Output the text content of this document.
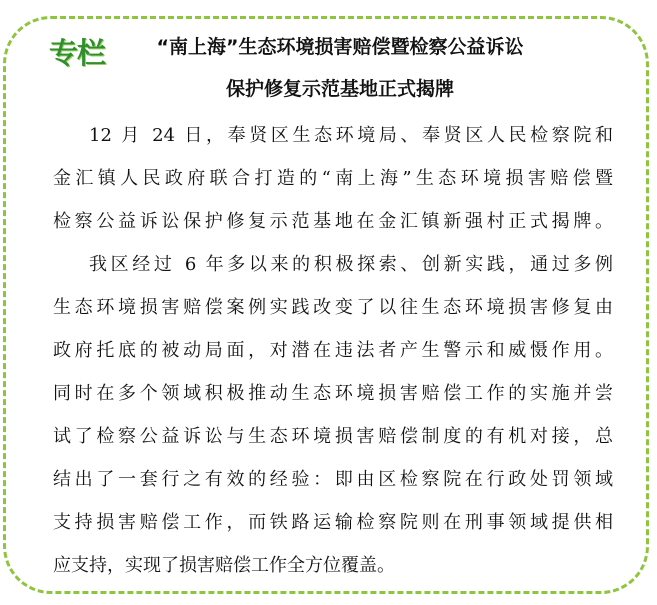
专栏	“南上海”生态环境损害赔偿暨检察公益诉讼
保护修复示范基地正式揭牌
12 月 24 日，奉贤区生态环境局、奉贤区人民检察院和
金汇镇人民政府联合打造的“南上海”生态环境损害赔偿暨
检察公益诉讼保护修复示范基地在金汇镇新强村正式揭牌。
我区经过 6 年多以来的积极探索、创新实践，通过多例
生态环境损害赔偿案例实践改变了以往生态环境损害修复由
政府托底的被动局面，对潜在违法者产生警示和威慑作用。
同时在多个领域积极推动生态环境损害赔偿工作的实施并尝
试了检察公益诉讼与生态环境损害赔偿制度的有机对接，总
结出了一套行之有效的经验：即由区检察院在行政处罚领域
支持损害赔偿工作，而铁路运输检察院则在刑事领域提供相
应支持，实现了损害赔偿工作全方位覆盖。
